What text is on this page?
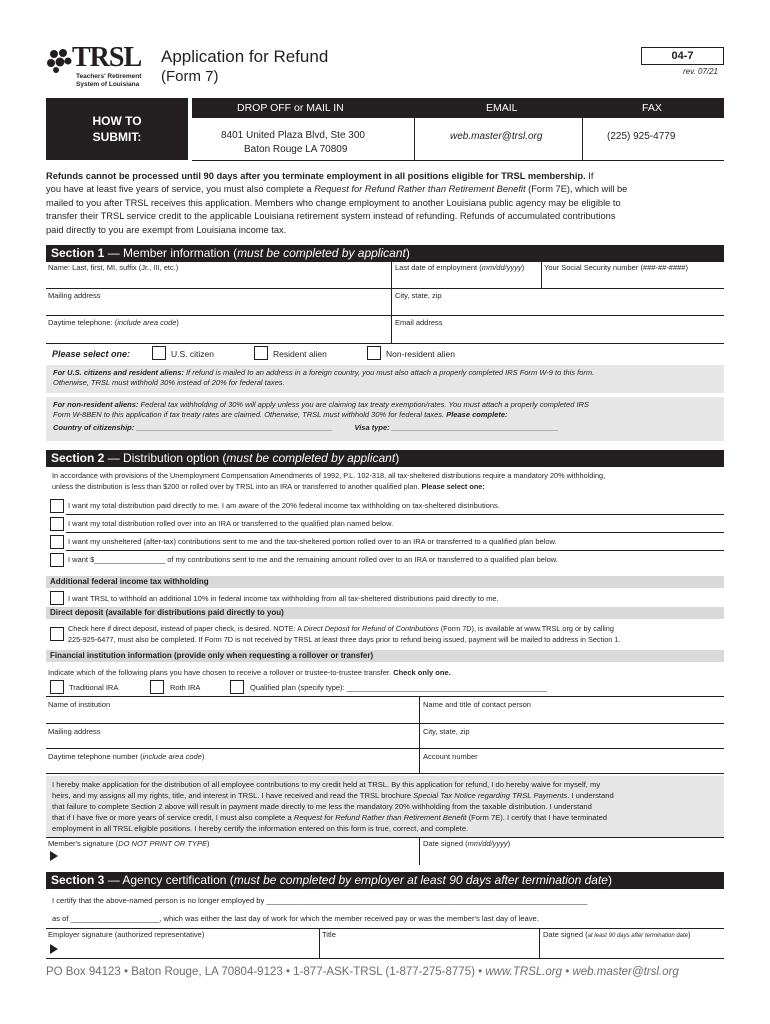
TRSL
Teachers' Retirement
System of Louisiana
Application for Refund
(Form 7)
04-7
rev. 07/21
HOW TO
SUBMIT:
DROP OFF or MAIL IN	EMAIL	FAX
8401 United Plaza Blvd, Ste 300
Baton Rouge LA 70809
web.master@trsl.org	(225) 925-4779
Refunds cannot be processed until 90 days after you terminate employment in all positions eligible for TRSL membership. If
you have at least five years of service, you must also complete a Request for Refund Rather than Retirement Benefit (Form 7E), which will be
mailed to you after TRSL receives this application. Members who change employment to another Louisiana public agency may be eligible to
transfer their TRSL service credit to the applicable Louisiana retirement system instead of refunding. Refunds of accumulated contributions
paid directly to you are exempt from Louisiana income tax.
Section 1 — Member information (must be completed by applicant)
Name: Last, first, MI, suffix (Jr., III, etc.)	Last date of employment (mm/dd/yyyy)	Your Social Security number (###-##-####)
Mailing address	City, state, zip
Daytime telephone: (include area code)	Email address
Please select one:	U.S. citizen	Resident alien	Non-resident alien
For U.S. citizens and resident aliens: If refund is mailed to an address in a foreign country, you must also attach a properly completed IRS Form W-9 to this form.
Otherwise, TRSL must withhold 30% instead of 20% for federal taxes.
For non-resident aliens: Federal tax withholding of 30% will apply unless you are claiming tax treaty exemption/rates. You must attach a properly completed IRS
Form W-8BEN to this application if tax treaty rates are claimed. Otherwise, TRSL must withhold 30% for federal taxes. Please complete:
Country of citizenship: _______________________________________________	Visa type: ________________________________________
Section 2 — Distribution option (must be completed by applicant)
In accordance with provisions of the Unemployment Compensation Amendments of 1992, P.L. 102-318, all tax-sheltered distributions require a mandatory 20% withholding,
unless the distribution is less than $200 or rolled over by TRSL into an IRA or transferred to another qualified plan. Please select one:
I want my total distribution paid directly to me. I am aware of the 20% federal income tax withholding on tax-sheltered distributions.
I want my total distribution rolled over into an IRA or transferred to the qualified plan named below.
I want my unsheltered (after-tax) contributions sent to me and the tax-sheltered portion rolled over to an IRA or transferred to a qualified plan below.
I want $_________________ of my contributions sent to me and the remaining amount rolled over to an IRA or transferred to a qualified plan below.
Additional federal income tax withholding
I want TRSL to withhold an additional 10% in federal income tax withholding from all tax-sheltered distributions paid directly to me.
Direct deposit (available for distributions paid directly to you)
Check here if direct deposit, instead of paper check, is desired. NOTE: A Direct Deposit for Refund of Contributions (Form 7D), is available at www.TRSL.org or by calling
225-925-6477, must also be completed. If Form 7D is not received by TRSL at least three days prior to refund being issued, payment will be mailed to address in Section 1.
Financial institution information (provide only when requesting a rollover or transfer)
Indicate which of the following plans you have chosen to receive a rollover or trustee-to-trustee transfer. Check only one.
Traditional IRA	Roth IRA	Qualified plan (specify type): ________________________________________________
Name of institution	Name and title of contact person
Mailing address	City, state, zip
Daytime telephone number (include area code)	Account number
I hereby make application for the distribution of all employee contributions to my credit held at TRSL. By this application for refund, I do hereby waive for myself, my
heirs, and my assigns all my rights, title, and interest in TRSL. I have received and read the TRSL brochure Special Tax Notice regarding TRSL Payments. I understand
that failure to complete Section 2 above will result in payment made directly to me less the mandatory 20% withholding from the taxable distribution. I understand
that if I have five or more years of service credit, I must also complete a Request for Refund Rather than Retirement Benefit (Form 7E). I certify that I have terminated
employment in all TRSL eligible positions. I hereby certify the information entered on this form is true, correct, and complete.
Member's signature (DO NOT PRINT OR TYPE)	Date signed (mm/dd/yyyy)
Section 3 — Agency certification (must be completed by employer at least 90 days after termination date)
I certify that the above-named person is no longer employed by ____________________________________________________________________________
as of _____________________, which was either the last day of work for which the member received pay or was the member's last day of leave.
Employer signature (authorized representative)	Title	Date signed (at least 90 days after termination date)
PO Box 94123 • Baton Rouge, LA 70804-9123 • 1-877-ASK-TRSL (1-877-275-8775) • www.TRSL.org • web.master@trsl.org
